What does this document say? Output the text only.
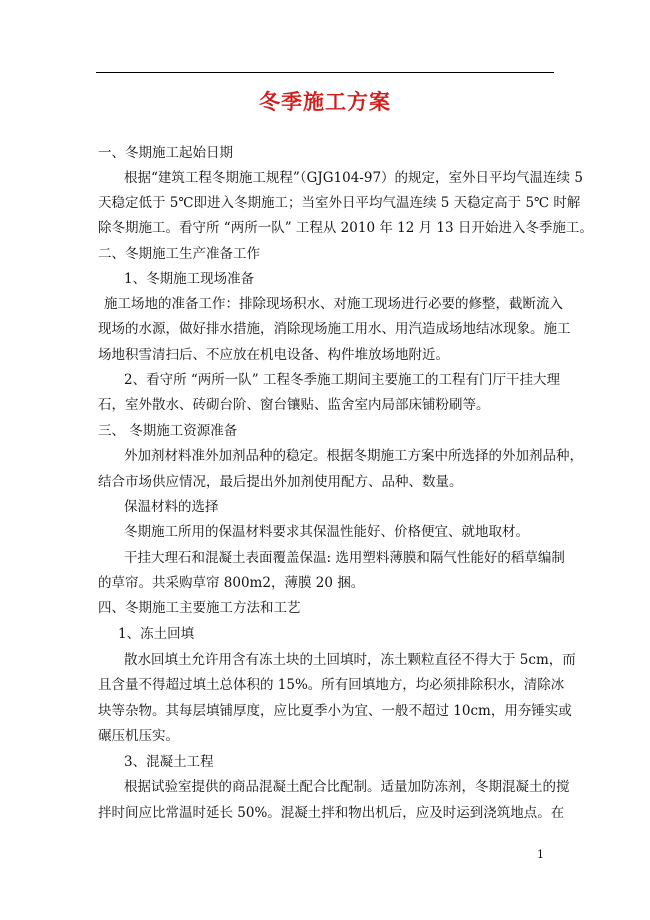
冬季施工方案
一、冬期施工起始日期
根据“建筑工程冬期施工规程”（GJG104-97）的规定，室外日平均气温连续 5
天稳定低于 5℃即进入冬期施工；当室外日平均气温连续 5 天稳定高于 5℃ 时解
除冬期施工。看守所 “两所一队” 工程从 2010 年 12 月 13 日开始进入冬季施工。
二、冬期施工生产准备工作
1、冬期施工现场准备
施工场地的准备工作：排除现场积水、对施工现场进行必要的修整，截断流入
现场的水源，做好排水措施，消除现场施工用水、用汽造成场地结冰现象。施工
场地积雪清扫后、不应放在机电设备、构件堆放场地附近。
2、看守所 “两所一队” 工程冬季施工期间主要施工的工程有门厅干挂大理
石，室外散水、砖砌台阶、窗台镶贴、监舍室内局部床铺粉刷等。
三、 冬期施工资源准备
外加剂材料准外加剂品种的稳定。根据冬期施工方案中所选择的外加剂品种，
结合市场供应情况，最后提出外加剂使用配方、品种、数量。
保温材料的选择
冬期施工所用的保温材料要求其保温性能好、价格便宜、就地取材。
干挂大理石和混凝土表面覆盖保温: 选用塑料薄膜和隔气性能好的稻草编制
的草帘。共采购草帘 800m2，薄膜 20 捆。
四、冬期施工主要施工方法和工艺
1、冻土回填
散水回填土允许用含有冻土块的土回填时，冻土颗粒直径不得大于 5cm，而
且含量不得超过填土总体积的 15%。所有回填地方，均必须排除积水，清除冰
块等杂物。其每层填铺厚度，应比夏季小为宜、一般不超过 10cm，用夯锤实或
碾压机压实。
3、混凝土工程
根据试验室提供的商品混凝土配合比配制。适量加防冻剂，冬期混凝土的搅
拌时间应比常温时延长 50%。混凝土拌和物出机后，应及时运到浇筑地点。在
1
